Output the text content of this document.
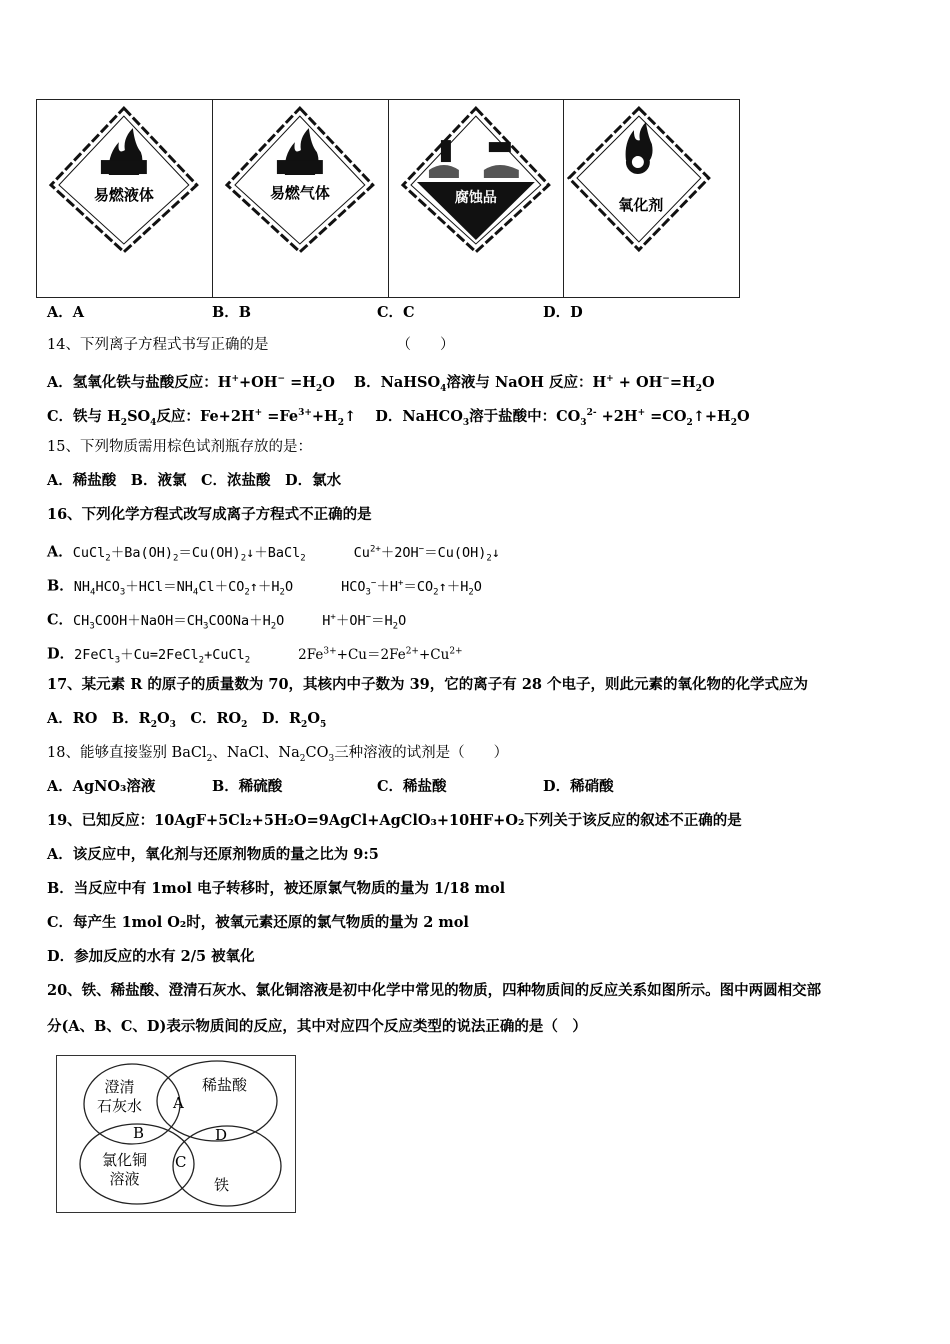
易燃液体	易燃气体	腐蚀品	氧化剂
A．A	B．B	C．C	D．D
14、下列离子方程式书写正确的是	（　　）
A．氢氧化铁与盐酸反应：$H^++OH^- =H_2O$ B．NaHSO$_4$溶液与 NaOH 反应：$H^+ + OH^-=H_2O$
C．铁与 $H_2SO_4$反应：$Fe+2H^+ =Fe^{3+}+H_2↑$ D．NaHCO$_3$溶于盐酸中：$CO_3^{2-} +2H^+$ $=CO_2↑+H_2O$
15、下列物质需用棕色试剂瓶存放的是：
A．稀盐酸　B．液氯　C．浓盐酸　D．氯水
16、下列化学方程式改写成离子方程式不正确的是
A．$CuCl_2+Ba(OH)_2=Cu(OH)_2↓+BaCl_2$	$Cu^{2+}+2OH^-=Cu(OH)_2↓$
B．$NH_4HCO_3+HCl=NH_4Cl+CO_2↑+H_2O$	$HCO_3^-+H^+=CO_2↑+H_2O$
C．$CH_3COOH+NaOH=CH_3COONa+H_2O$	$H^++OH^-=H_2O$
D．2FeCl$_3$＋Cu=2FeCl$_2$+CuCl$_2$	$2Fe^{3+}+Cu=2Fe^{2+}+Cu^{2+}$
17、某元素 R 的原子的质量数为 70，其核内中子数为 39，它的离子有 28 个电子，则此元素的氧化物的化学式应为
A．RO　B．$R_2O_3$　C．$RO_2$　D．$R_2O_5$
18、能够直接鉴别 BaCl$_2$、NaCl、$Na_2CO_3$三种溶液的试剂是（　　）
A．AgNO₃溶液	B．稀硫酸	C．稀盐酸	D．稀硝酸
19、已知反应：10AgF+5Cl₂+5H₂O=9AgCl+AgClO₃+10HF+O₂下列关于该反应的叙述不正确的是
A．该反应中，氧化剂与还原剂物质的量之比为 9:5
B．当反应中有 1mol 电子转移时，被还原氯气物质的量为 1/18 mol
C．每产生 1mol O₂时，被氧元素还原的氯气物质的量为 2 mol
D．参加反应的水有 2/5 被氧化
20、铁、稀盐酸、澄清石灰水、氯化铜溶液是初中化学中常见的物质，四种物质间的反应关系如图所示。图中两圆相交部
分(A、B、C、D)表示物质间的反应，其中对应四个反应类型的说法正确的是（　）
澄清
石灰水
稀盐酸
氯化铜
溶液	铁
A
B
C
D
